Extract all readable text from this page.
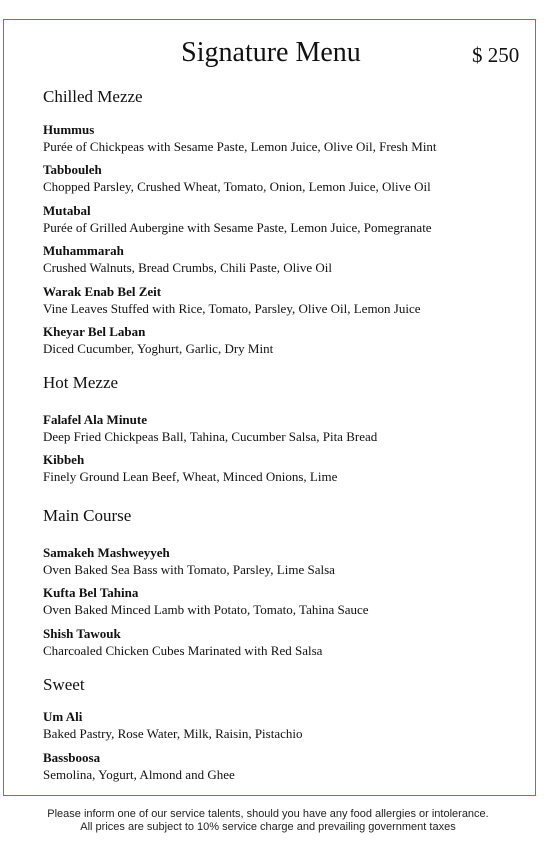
Signature Menu	$ 250
Chilled Mezze
Hummus
Purée of Chickpeas with Sesame Paste, Lemon Juice, Olive Oil, Fresh Mint
Tabbouleh
Chopped Parsley, Crushed Wheat, Tomato, Onion, Lemon Juice, Olive Oil
Mutabal
Purée of Grilled Aubergine with Sesame Paste, Lemon Juice, Pomegranate
Muhammarah
Crushed Walnuts, Bread Crumbs, Chili Paste, Olive Oil
Warak Enab Bel Zeit
Vine Leaves Stuffed with Rice, Tomato, Parsley, Olive Oil, Lemon Juice
Kheyar Bel Laban
Diced Cucumber, Yoghurt, Garlic, Dry Mint
Hot Mezze
Falafel Ala Minute
Deep Fried Chickpeas Ball, Tahina, Cucumber Salsa, Pita Bread
Kibbeh
Finely Ground Lean Beef, Wheat, Minced Onions, Lime
Main Course
Samakeh Mashweyyeh
Oven Baked Sea Bass with Tomato, Parsley, Lime Salsa
Kufta Bel Tahina
Oven Baked Minced Lamb with Potato, Tomato, Tahina Sauce
Shish Tawouk
Charcoaled Chicken Cubes Marinated with Red Salsa
Sweet
Um Ali
Baked Pastry, Rose Water, Milk, Raisin, Pistachio
Bassboosa
Semolina, Yogurt, Almond and Ghee
Please inform one of our service talents, should you have any food allergies or intolerance.
All prices are subject to 10% service charge and prevailing government taxes
